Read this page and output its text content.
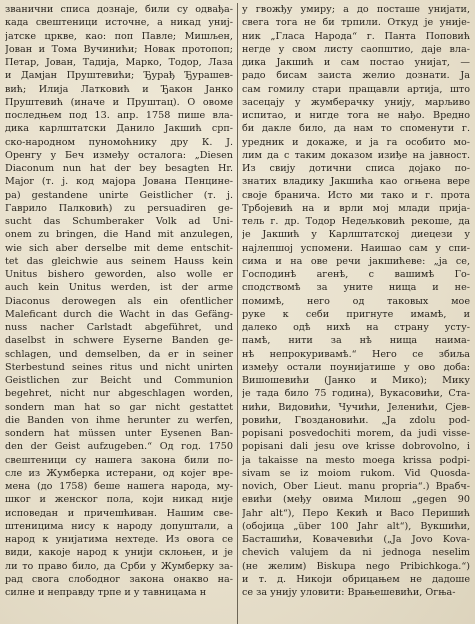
званични списа дознаје, били су одвађа-
када свештеници источне, а никад униј-
јатске цркве, као: поп Павле; Мишљен,
Јован и Тома Вучинићи; Новак протопоп;
Петар, Јован, Тадија, Марко, Тодор, Лаза
и Дамјан Пруштевићи; Ђурађ Ђурашев-
вић; Илија Латковић и Ђакон Јанко
Пруштевић (иначе и Пруштац). О овоме
последњем под 13. апр. 1758 пише вла-
дика карлштатски Данило Јакшић срп-
ско-народном пуномоћнику дру К. Ј.
Оренгу у Беч између осталога: „Diesen
Diaconum nun hat der bey besagten Hr.
Major (т. ј. код мајора Јована Пенцине-
ра) gestandene unirte Geistlicher (т. ј.
Гаврило Палковић) zu persuadiren ge-
sucht das Schumberaker Volk ad Uni-
onem zu bringen, die Hand mit anzulegen,
wie sich aber derselbe mit deme entschit-
tet das gleichwie aus seinem Hauss kein
Unitus bishero geworden, also wolle er
auch kein Unitus werden, ist der arme
Diaconus derowegen als ein ofentlicher
Maleficant durch die Wacht in das Gefäng-
nuss nacher Carlstadt abgeführet, und
daselbst in schwere Eyserne Banden ge-
schlagen, und demselben, da er in seiner
Sterbestund seines ritus und nicht unirten
Geistlichen zur Beicht und Communion
begehret, nicht nur abgeschlagen worden,
sondern man hat so gar nicht gestattet
die Banden von ihme herunter zu werfen,
sondern hat müssen unter Eysenen Ban-
den der Geist aufzugeben.“ Од год. 1750
свештеници су нашега закона били по-
сле из Жумберка истерани, од којег вре-
мена (до 1758) беше нашега народа, му-
шког и женског пола, који никад није
исповедан и причешћиван. Нашим све-
штеницима нису к народу допуштали, а
народ к унијатима нехтеде. Из овога се
види, какоје народ к унији склоњен, и је
ли то право било, да Срби у Жумберку за-
рад свога слободног закона онакво на-
силне и неправду трпе и у тавницама н
у гвожђу умиру; а до посташе унијати,
свега тога не би трпили. Откуд је уније-
ник „Гласа Народа“ г. Панта Поповић
негде у свом листу саопштио, даје вла-
дика Јакшић и сам постао унијат, —
радо бисам заиста желио дознати. Ја
сам гомилу стари пращавли артија, што
засецају у жумберачку унију, марљиво
испитао, и нигде тога не нађо. Вредно
би дакле било, да нам то споменути г.
уредник и докаже, и ја га особито мо-
лим да с таким доказом изиђе на јавност.
Из свију дотични списа дојако по-
знатих владику Јакшића као огњена вере
своје бранича. Исто ми тако и г. прота
Трбојевић на и врли мој млади прија-
тель г. др. Тодор Недељковић рекоше, да
је Јакшић у Карлштатској диецези у
најлепшој успомени. Наишао сам у спи-
сима и на ове речи јакшићеве: „ја се,
Господинѣ агенѣ, с вашимѣ Го-
сподствомѣ за уните нища и не-
помимѣ, него од таковых мое
руке к себи пригнуте имамѣ, и
далеко одѣ нихѣ на страну усту-
памѣ, нити за нѣ нища наима-
нѣ непрокуривамѣ.“ Него се збиља
између остали поунијатише у ово доба:
Вишошевићи (Јанко и Мико); Мику
је тада било 75 година), Вукасовићи, Ста-
нићи, Видовићи, Чучићи, Јеленићи, Сјев-
ровићи, Гвоздановићи. „Ja zdolu pod-
popisani posvedochiti morem, da judi visse-
popisani dali jesu ove krisse dobrovolno, i
ja takaisse na mesto moega krissa podpi-
sivam se iz moiom rukom. Vid Quosda-
novich, Ober Lieut. manu propria“.) Врабч-
евићи (међу овима Милош „gegen 90
Jahr alt“), Перо Кекић и Васо Перишић
(обојица „über 100 Jahr alt“), Вукшићи,
Басташићи, Ковачевићи („Ja Jovo Kova-
chevich valujem da ni jednoga neselim
(не желим) Biskupa nego Pribichkoga.“)
и т. д. Никоји обрицањем не дадоше
се за унију уловити: Врањешевићи, Огња-
